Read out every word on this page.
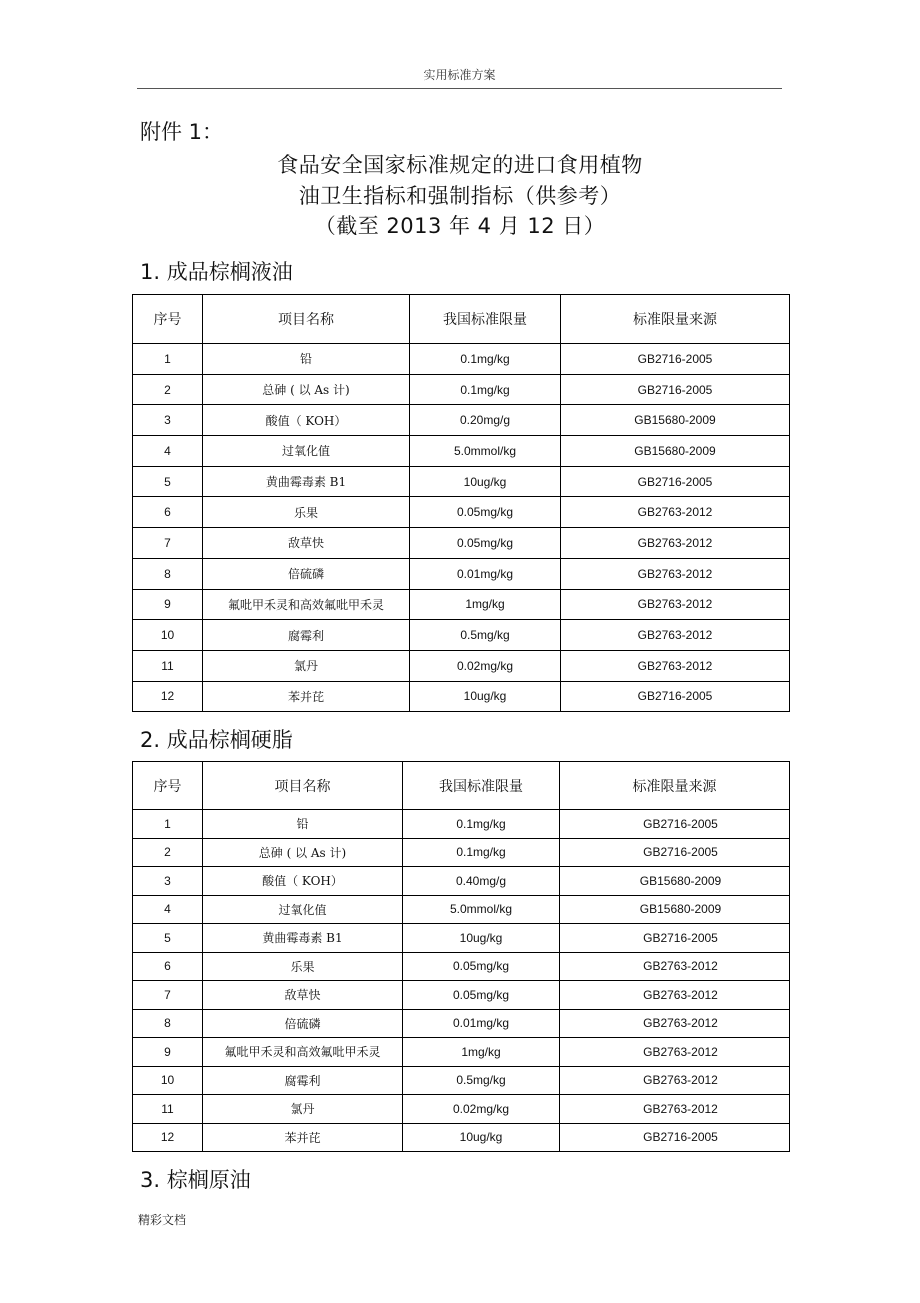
实用标准方案
附件 1：
食品安全国家标准规定的进口食用植物
油卫生指标和强制指标（供参考）
（截至 2013 年 4 月 12 日）
1. 成品棕榈液油
序号	项目名称	我国标准限量	标准限量来源
1	铅	0.1mg/kg	GB2716-2005
2	总砷 ( 以 As 计)	0.1mg/kg	GB2716-2005
3	酸值（ KOH）	0.20mg/g	GB15680-2009
4	过氧化值	5.0mmol/kg	GB15680-2009
5	黄曲霉毒素 B1	10ug/kg	GB2716-2005
6	乐果	0.05mg/kg	GB2763-2012
7	敌草快	0.05mg/kg	GB2763-2012
8	倍硫磷	0.01mg/kg	GB2763-2012
9	氟吡甲禾灵和高效氟吡甲禾灵	1mg/kg	GB2763-2012
10	腐霉利	0.5mg/kg	GB2763-2012
11	氯丹	0.02mg/kg	GB2763-2012
12	苯并芘	10ug/kg	GB2716-2005
2. 成品棕榈硬脂
序号	项目名称	我国标准限量	标准限量来源
1	铅	0.1mg/kg	GB2716-2005
2	总砷 ( 以 As 计)	0.1mg/kg	GB2716-2005
3	酸值（ KOH）	0.40mg/g	GB15680-2009
4	过氧化值	5.0mmol/kg	GB15680-2009
5	黄曲霉毒素 B1	10ug/kg	GB2716-2005
6	乐果	0.05mg/kg	GB2763-2012
7	敌草快	0.05mg/kg	GB2763-2012
8	倍硫磷	0.01mg/kg	GB2763-2012
9	氟吡甲禾灵和高效氟吡甲禾灵	1mg/kg	GB2763-2012
10	腐霉利	0.5mg/kg	GB2763-2012
11	氯丹	0.02mg/kg	GB2763-2012
12	苯并芘	10ug/kg	GB2716-2005
3. 棕榈原油
精彩文档
